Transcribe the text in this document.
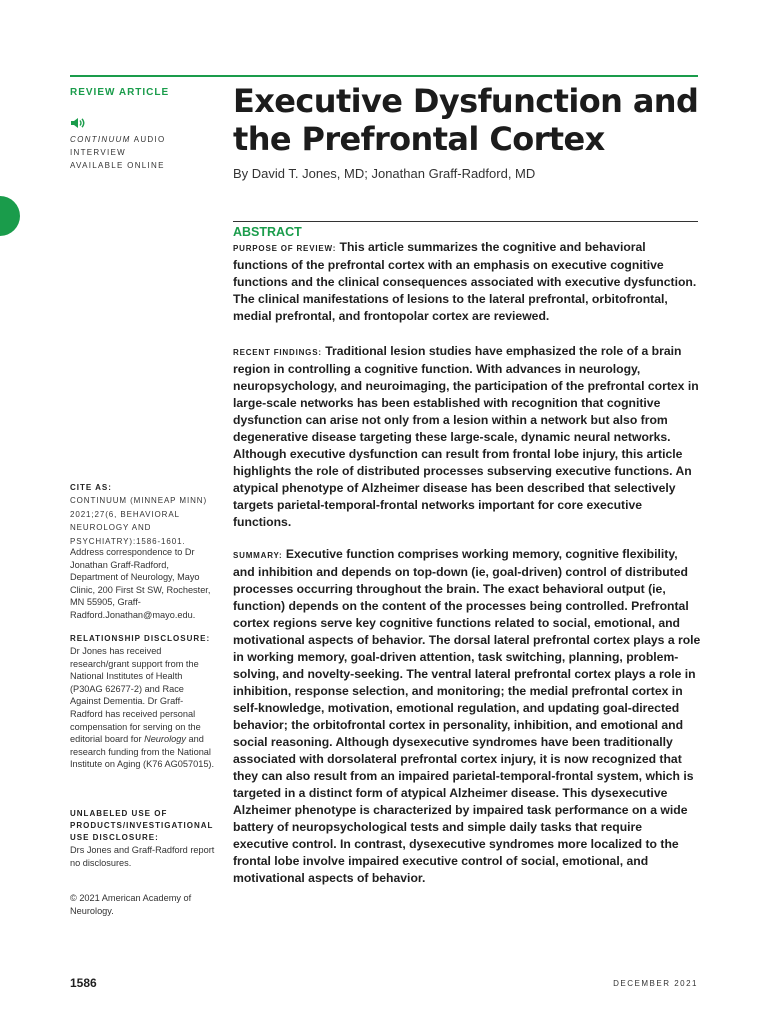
REVIEW ARTICLE
CONTINUUM AUDIO INTERVIEW AVAILABLE ONLINE
Executive Dysfunction and the Prefrontal Cortex
By David T. Jones, MD; Jonathan Graff-Radford, MD
ABSTRACT

PURPOSE OF REVIEW: This article summarizes the cognitive and behavioral functions of the prefrontal cortex with an emphasis on executive cognitive functions and the clinical consequences associated with executive dysfunction. The clinical manifestations of lesions to the lateral prefrontal, orbitofrontal, medial prefrontal, and frontopolar cortex are reviewed.

RECENT FINDINGS: Traditional lesion studies have emphasized the role of a brain region in controlling a cognitive function. With advances in neurology, neuropsychology, and neuroimaging, the participation of the prefrontal cortex in large-scale networks has been established with recognition that cognitive dysfunction can arise not only from a lesion within a network but also from degenerative disease targeting these large-scale, dynamic neural networks. Although executive dysfunction can result from frontal lobe injury, this article highlights the role of distributed processes subserving executive functions. An atypical phenotype of Alzheimer disease has been described that selectively targets parietal-temporal-frontal networks important for core executive functions.

SUMMARY: Executive function comprises working memory, cognitive flexibility, and inhibition and depends on top-down (ie, goal-driven) control of distributed processes occurring throughout the brain. The exact behavioral output (ie, function) depends on the content of the processes being controlled. Prefrontal cortex regions serve key cognitive functions related to social, emotional, and motivational aspects of behavior. The dorsal lateral prefrontal cortex plays a role in working memory, goal-driven attention, task switching, planning, problem-solving, and novelty-seeking. The ventral lateral prefrontal cortex plays a role in inhibition, response selection, and monitoring; the medial prefrontal cortex in self-knowledge, motivation, emotional regulation, and updating goal-directed behavior; the orbitofrontal cortex in personality, inhibition, and emotional and social reasoning. Although dysexecutive syndromes have been traditionally associated with dorsolateral prefrontal cortex injury, it is now recognized that they can also result from an impaired parietal-temporal-frontal system, which is targeted in a distinct form of atypical Alzheimer disease. This dysexecutive Alzheimer phenotype is characterized by impaired task performance on a wide battery of neuropsychological tests and simple daily tasks that require executive control. In contrast, dysexecutive syndromes more localized to the frontal lobe involve impaired executive control of social, emotional, and motivational aspects of behavior.

CITE AS:
CONTINUUM (MINNEAP MINN) 2021;27(6, BEHAVIORAL NEUROLOGY AND PSYCHIATRY):1586-1601.
Address correspondence to Dr Jonathan Graff-Radford, Department of Neurology, Mayo Clinic, 200 First St SW, Rochester, MN 55905, Graff-Radford.Jonathan@mayo.edu.
RELATIONSHIP DISCLOSURE:
Dr Jones has received research/grant support from the National Institutes of Health (P30AG 62677-2) and Race Against Dementia. Dr Graff-Radford has received personal compensation for serving on the editorial board for Neurology and research funding from the National Institute on Aging (K76 AG057015).
UNLABELED USE OF PRODUCTS/INVESTIGATIONAL USE DISCLOSURE:
Drs Jones and Graff-Radford report no disclosures.
© 2021 American Academy of Neurology.
1586	DECEMBER 2021
